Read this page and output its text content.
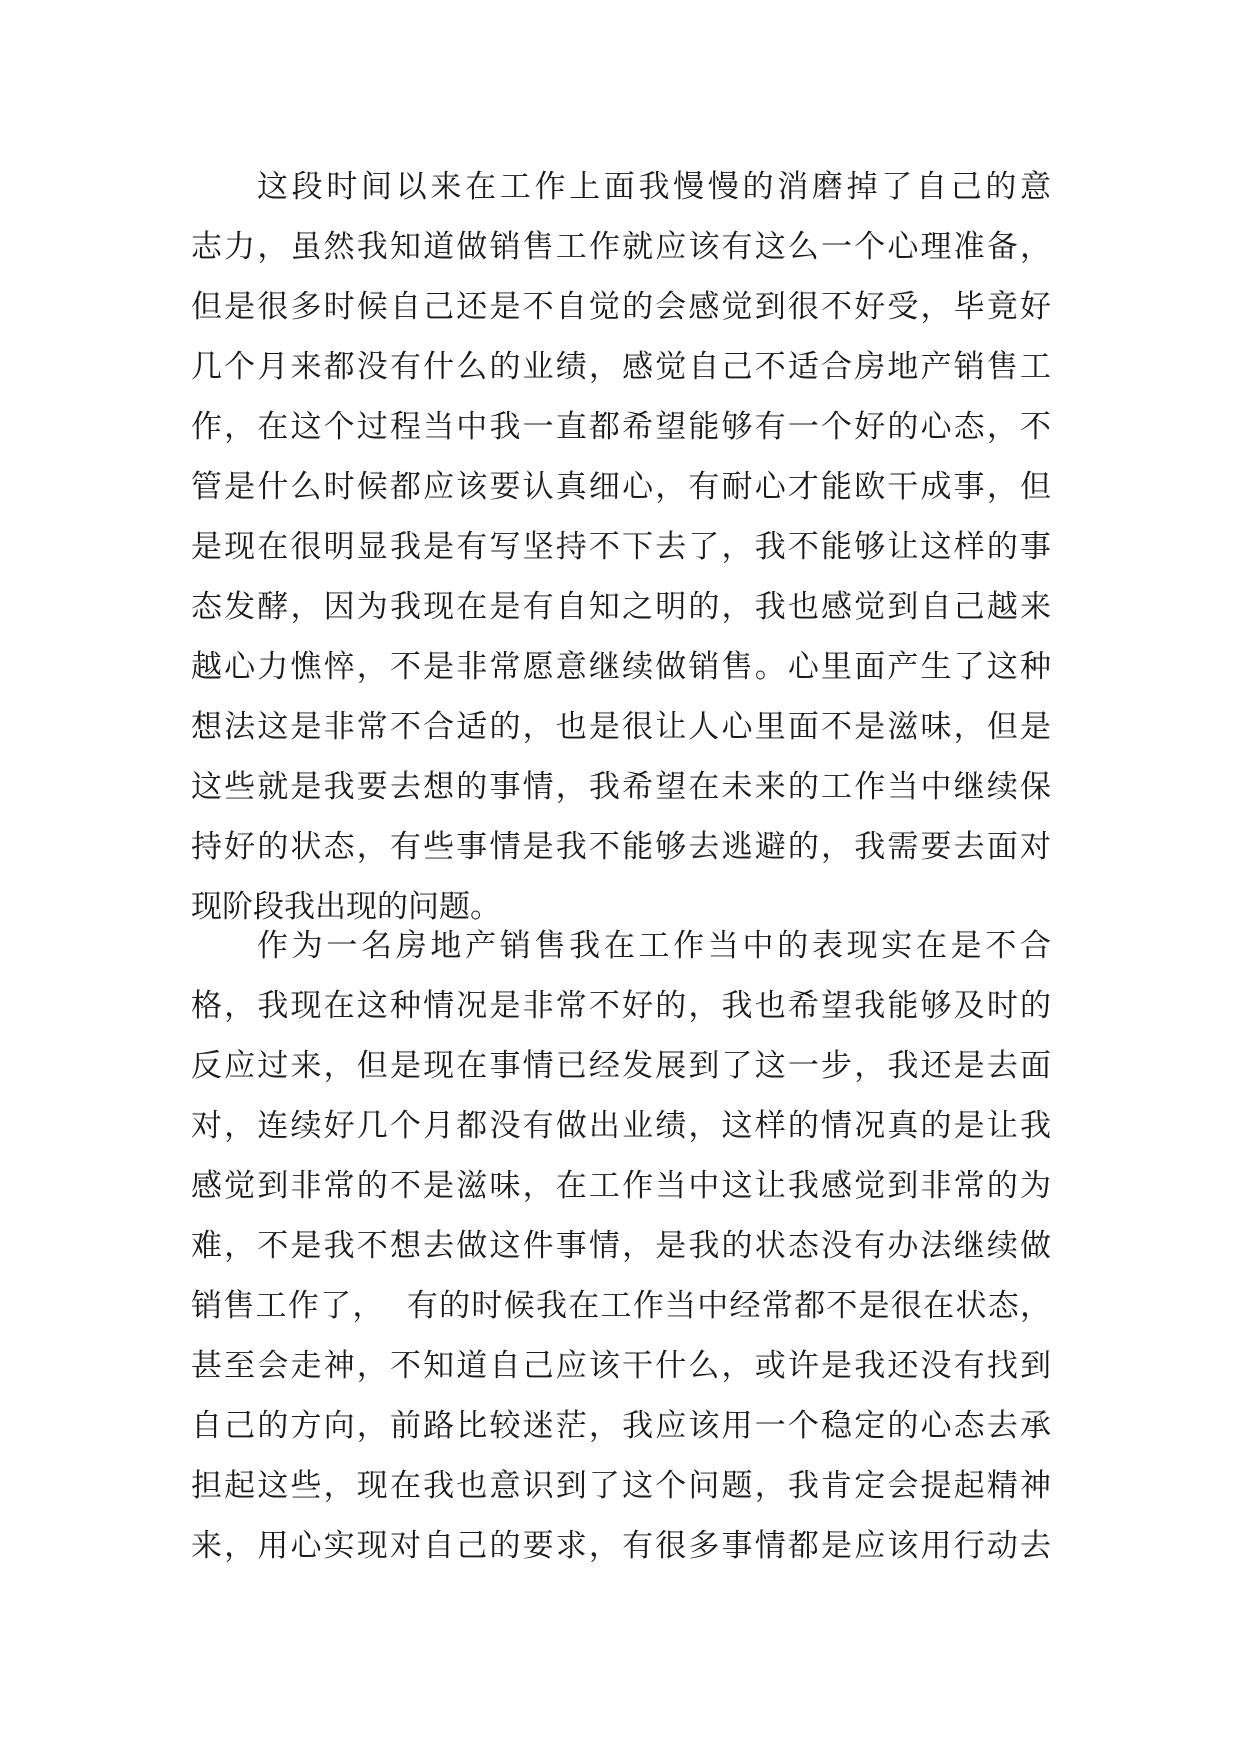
这段时间以来在工作上面我慢慢的消磨掉了自己的意
志力，虽然我知道做销售工作就应该有这么一个心理准备，
但是很多时候自己还是不自觉的会感觉到很不好受，毕竟好
几个月来都没有什么的业绩，感觉自己不适合房地产销售工
作，在这个过程当中我一直都希望能够有一个好的心态，不
管是什么时候都应该要认真细心，有耐心才能欧干成事，但
是现在很明显我是有写坚持不下去了，我不能够让这样的事
态发酵，因为我现在是有自知之明的，我也感觉到自己越来
越心力憔悴，不是非常愿意继续做销售。心里面产生了这种
想法这是非常不合适的，也是很让人心里面不是滋味，但是
这些就是我要去想的事情，我希望在未来的工作当中继续保
持好的状态，有些事情是我不能够去逃避的，我需要去面对
现阶段我出现的问题。
作为一名房地产销售我在工作当中的表现实在是不合
格，我现在这种情况是非常不好的，我也希望我能够及时的
反应过来，但是现在事情已经发展到了这一步，我还是去面
对，连续好几个月都没有做出业绩，这样的情况真的是让我
感觉到非常的不是滋味，在工作当中这让我感觉到非常的为
难，不是我不想去做这件事情，是我的状态没有办法继续做
销售工作了，  有的时候我在工作当中经常都不是很在状态，
甚至会走神，不知道自己应该干什么，或许是我还没有找到
自己的方向，前路比较迷茫，我应该用一个稳定的心态去承
担起这些，现在我也意识到了这个问题，我肯定会提起精神
来，用心实现对自己的要求，有很多事情都是应该用行动去
